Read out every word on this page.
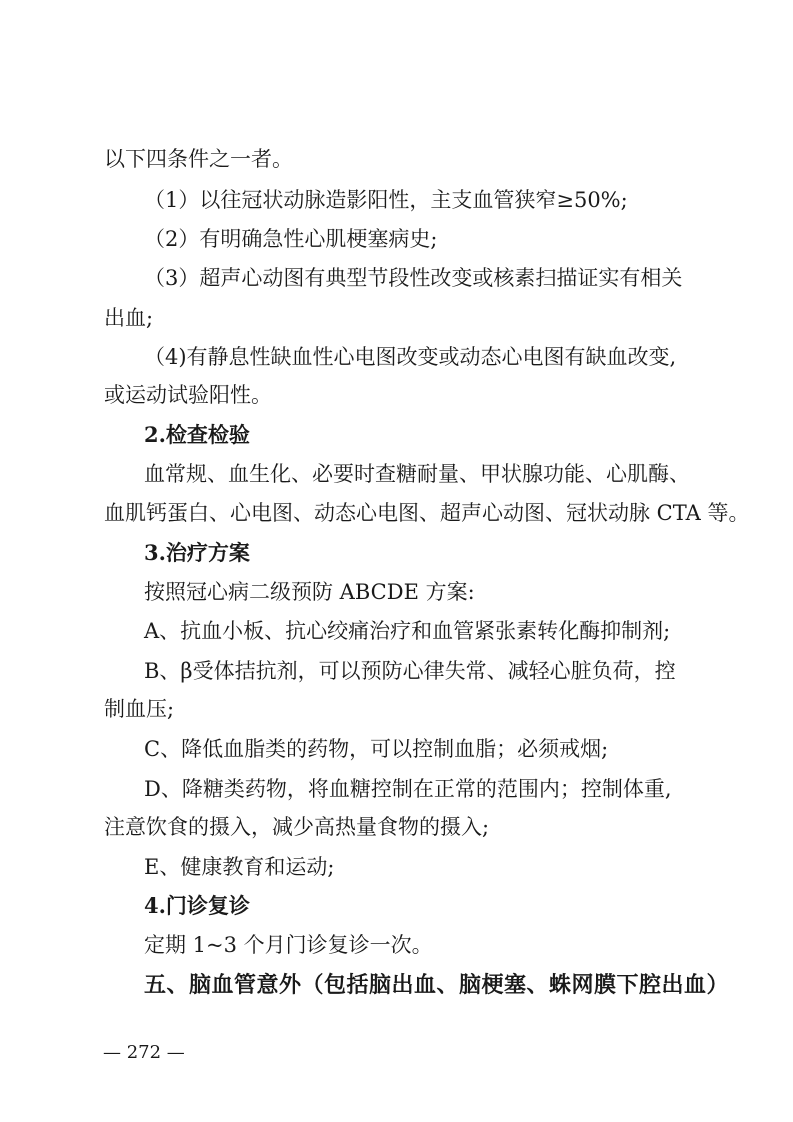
以下四条件之一者。
（1）以往冠状动脉造影阳性，主支血管狭窄≥50%;
（2）有明确急性心肌梗塞病史;
（3）超声心动图有典型节段性改变或核素扫描证实有相关
出血;
（4)有静息性缺血性心电图改变或动态心电图有缺血改变,
或运动试验阳性。
2.检查检验
血常规、血生化、必要时查糖耐量、甲状腺功能、心肌酶、
血肌钙蛋白、心电图、动态心电图、超声心动图、冠状动脉 CTA 等。
3.治疗方案
按照冠心病二级预防 ABCDE 方案:
A、抗血小板、抗心绞痛治疗和血管紧张素转化酶抑制剂;
B、β受体拮抗剂，可以预防心律失常、减轻心脏负荷，控
制血压;
C、降低血脂类的药物，可以控制血脂；必须戒烟;
D、降糖类药物，将血糖控制在正常的范围内；控制体重,
注意饮食的摄入，减少高热量食物的摄入;
E、健康教育和运动;
4.门诊复诊
定期 1~3 个月门诊复诊一次。
五、脑血管意外（包括脑出血、脑梗塞、蛛网膜下腔出血）
— 272 —
